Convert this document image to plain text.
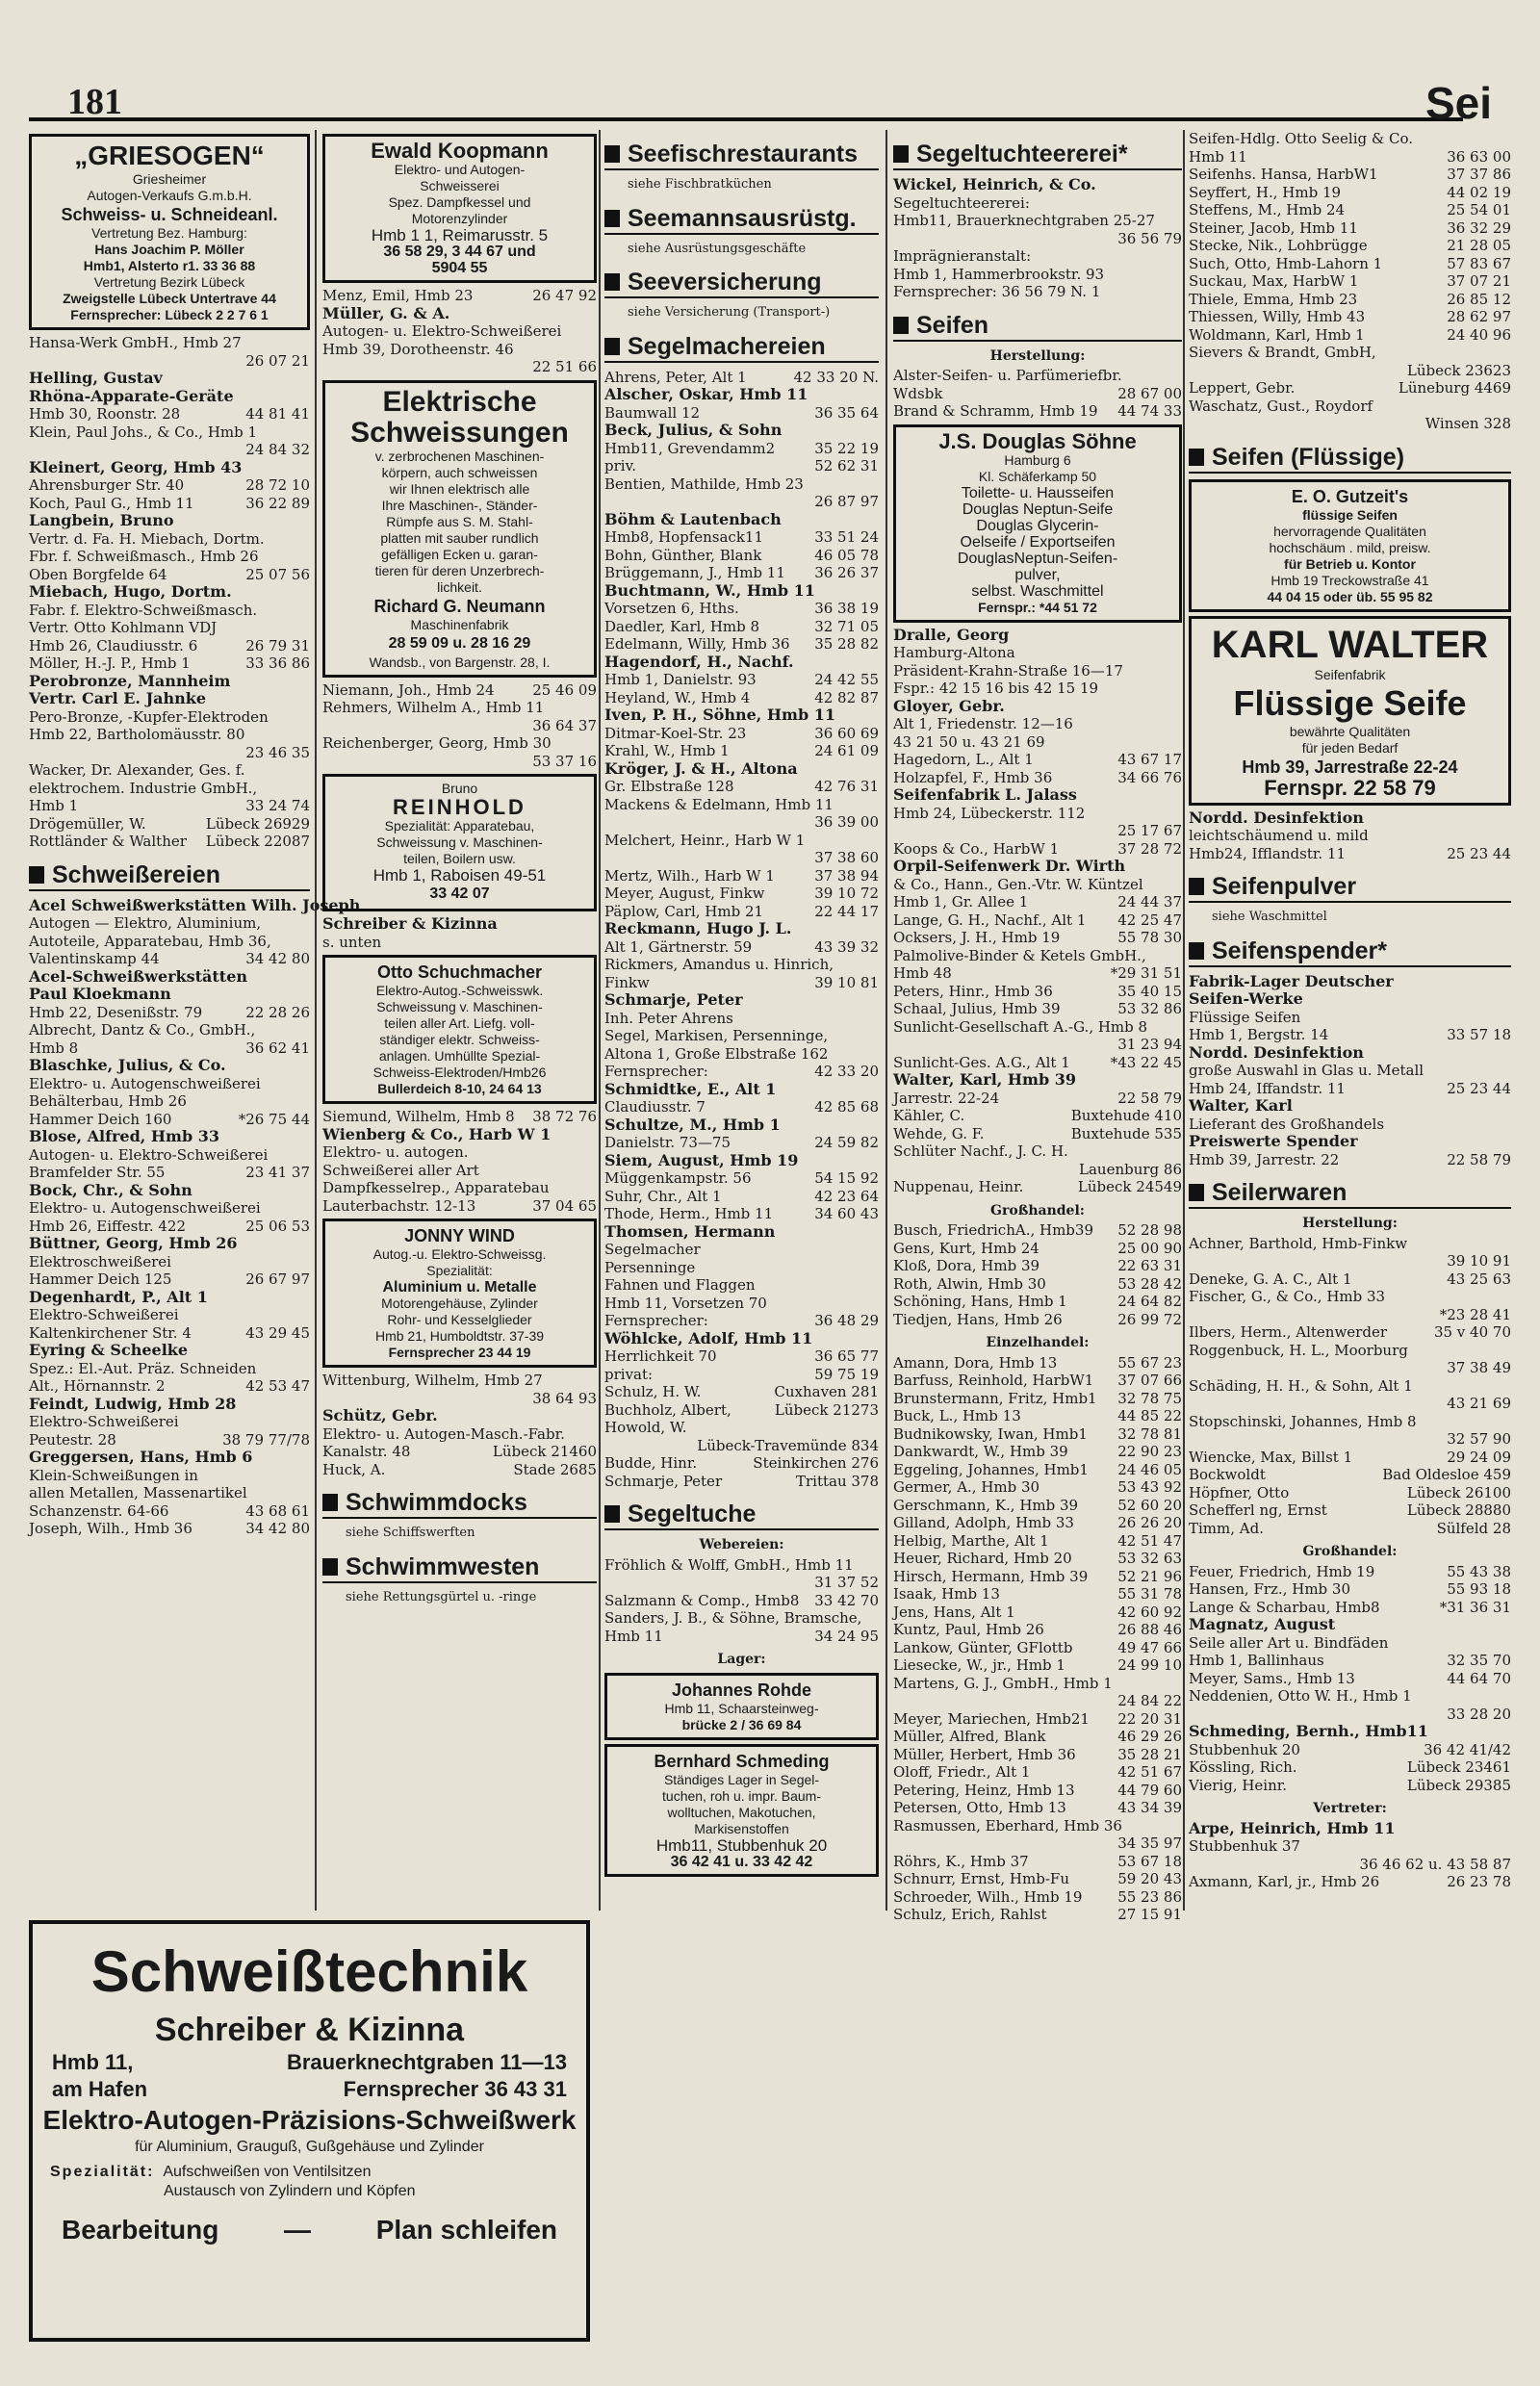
181	Sei
„GRIESOGEN“
Griesheimer
Autogen-Verkaufs G.m.b.H.
Schweiss- u. Schneideanl.
Vertretung Bez. Hamburg:
Hans Joachim P. Möller
Hmb1, Alsterto r1. 33 36 88
Vertretung Bezirk Lübeck
Zweigstelle Lübeck Untertrave 44
Fernsprecher: Lübeck 2 2 7 6 1
Hansa-Werk GmbH., Hmb 27
26 07 21
Helling, Gustav
Rhöna-Apparate-Geräte
Hmb 30, Roonstr. 28	44 81 41
Klein, Paul Johs., & Co., Hmb 1
24 84 32
Kleinert, Georg, Hmb 43
Ahrensburger Str. 40	28 72 10
Koch, Paul G., Hmb 11	36 22 89
Langbein, Bruno
Vertr. d. Fa. H. Miebach, Dortm.
Fbr. f. Schweißmasch., Hmb 26
Oben Borgfelde 64	25 07 56
Miebach, Hugo, Dortm.
Fabr. f. Elektro-Schweißmasch.
Vertr. Otto Kohlmann VDJ
Hmb 26, Claudiusstr. 6	26 79 31
Möller, H.-J. P., Hmb 1	33 36 86
Perobronze, Mannheim
Vertr. Carl E. Jahnke
Pero-Bronze, -Kupfer-Elektroden
Hmb 22, Bartholomäusstr. 80
23 46 35
Wacker, Dr. Alexander, Ges. f.
elektrochem. Industrie GmbH.,
Hmb 1	33 24 74
Drögemüller, W.	Lübeck 26929
Rottländer & Walther Lübeck 22087
Schweißereien
Acel Schweißwerkstätten Wilh. Joseph
Autogen — Elektro, Aluminium,
Autoteile, Apparatebau, Hmb 36,
Valentinskamp 44	34 42 80
Acel-Schweißwerkstätten
Paul Kloekmann
Hmb 22, Desenißstr. 79	22 28 26
Albrecht, Dantz & Co., GmbH.,
Hmb 8	36 62 41
Blaschke, Julius, & Co.
Elektro- u. Autogenschweißerei
Behälterbau, Hmb 26
Hammer Deich 160	*26 75 44
Blose, Alfred, Hmb 33
Autogen- u. Elektro-Schweißerei
Bramfelder Str. 55	23 41 37
Bock, Chr., & Sohn
Elektro- u. Autogenschweißerei
Hmb 26, Eiffestr. 422	25 06 53
Büttner, Georg, Hmb 26
Elektroschweißerei
Hammer Deich 125	26 67 97
Degenhardt, P., Alt 1
Elektro-Schweißerei
Kaltenkirchener Str. 4	43 29 45
Eyring & Scheelke
Spez.: El.-Aut. Präz. Schneiden
Alt., Hörnannstr. 2	42 53 47
Feindt, Ludwig, Hmb 28
Elektro-Schweißerei
Peutestr. 28	38 79 77/78
Greggersen, Hans, Hmb 6
Klein-Schweißungen in
allen Metallen, Massenartikel
Schanzenstr. 64-66	43 68 61
Joseph, Wilh., Hmb 36	34 42 80
Ewald Koopmann
Elektro- und Autogen-
Schweisserei
Spez. Dampfkessel und
Motorenzylinder
Hmb 1 1, Reimarusstr. 5
36 58 29, 3 44 67 und
5904 55
Menz, Emil, Hmb 23	26 47 92
Müller, G. & A.
Autogen- u. Elektro-Schweißerei
Hmb 39, Dorotheenstr. 46
22 51 66
Elektrische
Schweissungen
v. zerbrochenen Maschinen-
körpern, auch schweissen
wir Ihnen elektrisch alle
Ihre Maschinen-, Ständer-
Rümpfe aus S. M. Stahl-
platten mit sauber rundlich
gefälligen Ecken u. garan-
tieren für deren Unzerbrech-
lichkeit.
Richard G. Neumann
Maschinenfabrik
28 59 09 u. 28 16 29
Wandsb., von Bargenstr. 28, I.
Niemann, Joh., Hmb 24	25 46 09
Rehmers, Wilhelm A., Hmb 11
36 64 37
Reichenberger, Georg, Hmb 30
53 37 16
Bruno
REINHOLD
Spezialität: Apparatebau,
Schweissung v. Maschinen-
teilen, Boilern usw.
Hmb 1, Raboisen 49-51
33 42 07
Schreiber & Kizinna
s. unten
Otto Schuchmacher
Elektro-Autog.-Schweisswk.
Schweissung v. Maschinen-
teilen aller Art. Liefg. voll-
ständiger elektr. Schweiss-
anlagen. Umhüllte Spezial-
Schweiss-Elektroden/Hmb26
Bullerdeich 8-10, 24 64 13
Siemund, Wilhelm, Hmb 8 38 72 76
Wienberg & Co., Harb W 1
Elektro- u. autogen.
Schweißerei aller Art
Dampfkesselrep., Apparatebau
Lauterbachstr. 12-13	37 04 65
JONNY WIND
Autog.-u. Elektro-Schweissg.
Spezialität:
Aluminium u. Metalle
Motorengehäuse, Zylinder
Rohr- und Kesselglieder
Hmb 21, Humboldtstr. 37-39
Fernsprecher 23 44 19
Wittenburg, Wilhelm, Hmb 27
38 64 93
Schütz, Gebr.
Elektro- u. Autogen-Masch.-Fabr.
Kanalstr. 48	Lübeck 21460
Huck, A.	Stade 2685
Schwimmdocks
siehe Schiffswerften
Schwimmwesten
siehe Rettungsgürtel u. -ringe
Seefischrestaurants
siehe Fischbratküchen
Seemannsausrüstg.
siehe Ausrüstungsgeschäfte
Seeversicherung
siehe Versicherung (Transport-)
Segelmachereien
Ahrens, Peter, Alt 1	42 33 20 N.
Alscher, Oskar, Hmb 11
Baumwall 12	36 35 64
Beck, Julius, & Sohn
Hmb11, Grevendamm2	35 22 19
priv.	52 62 31
Bentien, Mathilde, Hmb 23
26 87 97
Böhm & Lautenbach
Hmb8, Hopfensack11	33 51 24
Bohn, Günther, Blank	46 05 78
Brüggemann, J., Hmb 11 36 26 37
Buchtmann, W., Hmb 11
Vorsetzen 6, Hths.	36 38 19
Daedler, Karl, Hmb 8	32 71 05
Edelmann, Willy, Hmb 36 35 28 82
Hagendorf, H., Nachf.
Hmb 1, Danielstr. 93	24 42 55
Heyland, W., Hmb 4	42 82 87
Iven, P. H., Söhne, Hmb 11
Ditmar-Koel-Str. 23	36 60 69
Krahl, W., Hmb 1	24 61 09
Kröger, J. & H., Altona
Gr. Elbstraße 128	42 76 31
Mackens & Edelmann, Hmb 11
36 39 00
Melchert, Heinr., Harb W 1
37 38 60
Mertz, Wilh., Harb W 1	37 38 94
Meyer, August, Finkw	39 10 72
Päplow, Carl, Hmb 21	22 44 17
Reckmann, Hugo J. L.
Alt 1, Gärtnerstr. 59	43 39 32
Rickmers, Amandus u. Hinrich,
Finkw	39 10 81
Schmarje, Peter
Inh. Peter Ahrens
Segel, Markisen, Persenninge,
Altona 1, Große Elbstraße 162
Fernsprecher:	42 33 20
Schmidtke, E., Alt 1
Claudiusstr. 7	42 85 68
Schultze, M., Hmb 1
Danielstr. 73—75	24 59 82
Siem, August, Hmb 19
Müggenkampstr. 56	54 15 92
Suhr, Chr., Alt 1	42 23 64
Thode, Herm., Hmb 11	34 60 43
Thomsen, Hermann
Segelmacher
Persenninge
Fahnen und Flaggen
Hmb 11, Vorsetzen 70
Fernsprecher:	36 48 29
Wöhlcke, Adolf, Hmb 11
Herrlichkeit 70	36 65 77
privat:	59 75 19
Schulz, H. W.	Cuxhaven 281
Buchholz, Albert,	Lübeck 21273
Howold, W.
Lübeck-Travemünde 834
Budde, Hinr.	Steinkirchen 276
Schmarje, Peter	Trittau 378
Segeltuche
Webereien:
Fröhlich & Wolff, GmbH., Hmb 11
31 37 52
Salzmann & Comp., Hmb8 33 42 70
Sanders, J. B., & Söhne, Bramsche,
Hmb 11	34 24 95
Lager:
Johannes Rohde
Hmb 11, Schaarsteinweg-
brücke 2 / 36 69 84
Bernhard Schmeding
Ständiges Lager in Segel-
tuchen, roh u. impr. Baum-
wolltuchen, Makotuchen,
Markisenstoffen
Hmb11, Stubbenhuk 20
36 42 41 u. 33 42 42
Segeltuchteererei*
Wickel, Heinrich, & Co.
Segeltuchteererei:
Hmb11, Brauerknechtgraben 25-27
36 56 79
Imprägnieranstalt:
Hmb 1, Hammerbrookstr. 93
Fernsprecher: 36 56 79 N. 1
Seifen
Herstellung:
Alster-Seifen- u. Parfümeriefbr.
Wdsbk	28 67 00
Brand & Schramm, Hmb 19 44 74 33
J.S. Douglas Söhne
Hamburg 6
Kl. Schäferkamp 50
Toilette- u. Hausseifen
Douglas Neptun-Seife
Douglas Glycerin-
Oelseife / Exportseifen
DouglasNeptun-Seifen-
pulver,
selbst. Waschmittel
Fernspr.: *44 51 72
Dralle, Georg
Hamburg-Altona
Präsident-Krahn-Straße 16—17
Fspr.: 42 15 16 bis 42 15 19
Gloyer, Gebr.
Alt 1, Friedenstr. 12—16
43 21 50 u. 43 21 69
Hagedorn, L., Alt 1	43 67 17
Holzapfel, F., Hmb 36	34 66 76
Seifenfabrik L. Jalass
Hmb 24, Lübeckerstr. 112
25 17 67
Koops & Co., HarbW 1	37 28 72
Orpil-Seifenwerk Dr. Wirth
& Co., Hann., Gen.-Vtr. W. Küntzel
Hmb 1, Gr. Allee 1	24 44 37
Lange, G. H., Nachf., Alt 1 42 25 47
Ocksers, J. H., Hmb 19	55 78 30
Palmolive-Binder & Ketels GmbH.,
Hmb 48	*29 31 51
Peters, Hinr., Hmb 36	35 40 15
Schaal, Julius, Hmb 39	53 32 86
Sunlicht-Gesellschaft A.-G., Hmb 8
31 23 94
Sunlicht-Ges. A.G., Alt 1	*43 22 45
Walter, Karl, Hmb 39
Jarrestr. 22-24	22 58 79
Kähler, C.	Buxtehude 410
Wehde, G. F.	Buxtehude 535
Schlüter Nachf., J. C. H.
Lauenburg 86
Nuppenau, Heinr.	Lübeck 24549
Großhandel:
Busch, FriedrichA., Hmb39 52 28 98
Gens, Kurt, Hmb 24	25 00 90
Kloß, Dora, Hmb 39	22 63 31
Roth, Alwin, Hmb 30	53 28 42
Schöning, Hans, Hmb 1	24 64 82
Tiedjen, Hans, Hmb 26	26 99 72
Einzelhandel:
Amann, Dora, Hmb 13	55 67 23
Barfuss, Reinhold, HarbW1 37 07 66
Brunstermann, Fritz, Hmb1 32 78 75
Buck, L., Hmb 13	44 85 22
Budnikowsky, Iwan, Hmb1 32 78 81
Dankwardt, W., Hmb 39	22 90 23
Eggeling, Johannes, Hmb1 24 46 05
Germer, A., Hmb 30	53 43 92
Gerschmann, K., Hmb 39	52 60 20
Gilland, Adolph, Hmb 33	26 26 20
Helbig, Marthe, Alt 1	42 51 47
Heuer, Richard, Hmb 20	53 32 63
Hirsch, Hermann, Hmb 39 52 21 96
Isaak, Hmb 13	55 31 78
Jens, Hans, Alt 1	42 60 92
Kuntz, Paul, Hmb 26	26 88 46
Lankow, Günter, GFlottb	49 47 66
Liesecke, W., jr., Hmb 1	24 99 10
Martens, G. J., GmbH., Hmb 1
24 84 22
Meyer, Mariechen, Hmb21 22 20 31
Müller, Alfred, Blank	46 29 26
Müller, Herbert, Hmb 36	35 28 21
Oloff, Friedr., Alt 1	42 51 67
Petering, Heinz, Hmb 13	44 79 60
Petersen, Otto, Hmb 13	43 34 39
Rasmussen, Eberhard, Hmb 36
34 35 97
Röhrs, K., Hmb 37	53 67 18
Schnurr, Ernst, Hmb-Fu	59 20 43
Schroeder, Wilh., Hmb 19 55 23 86
Schulz, Erich, Rahlst	27 15 91
Seifen-Hdlg. Otto Seelig & Co.
Hmb 11	36 63 00
Seifenhs. Hansa, HarbW1	37 37 86
Seyffert, H., Hmb 19	44 02 19
Steffens, M., Hmb 24	25 54 01
Steiner, Jacob, Hmb 11	36 32 29
Stecke, Nik., Lohbrügge	21 28 05
Such, Otto, Hmb-Lahorn 1	57 83 67
Suckau, Max, HarbW 1	37 07 21
Thiele, Emma, Hmb 23	26 85 12
Thiessen, Willy, Hmb 43	28 62 97
Woldmann, Karl, Hmb 1	24 40 96
Sievers & Brandt, GmbH,
Lübeck 23623
Leppert, Gebr.	Lüneburg 4469
Waschatz, Gust., Roydorf
Winsen 328
Seifen (Flüssige)
E. O. Gutzeit's
flüssige Seifen
hervorragende Qualitäten
hochschäum . mild, preisw.
für Betrieb u. Kontor
Hmb 19 Treckowstraße 41
44 04 15 oder üb. 55 95 82
KARL WALTER
Seifenfabrik
Flüssige Seife
bewährte Qualitäten
für jeden Bedarf
Hmb 39, Jarrestraße 22-24
Fernspr. 22 58 79
Nordd. Desinfektion
leichtschäumend u. mild
Hmb24, Ifflandstr. 11	25 23 44
Seifenpulver
siehe Waschmittel
Seifenspender*
Fabrik-Lager Deutscher
Seifen-Werke
Flüssige Seifen
Hmb 1, Bergstr. 14	33 57 18
Nordd. Desinfektion
große Auswahl in Glas u. Metall
Hmb 24, Iffandstr. 11	25 23 44
Walter, Karl
Lieferant des Großhandels
Preiswerte Spender
Hmb 39, Jarrestr. 22	22 58 79
Seilerwaren
Herstellung:
Achner, Barthold, Hmb-Finkw
39 10 91
Deneke, G. A. C., Alt 1	43 25 63
Fischer, G., & Co., Hmb 33
*23 28 41
Ilbers, Herm., Altenwerder	35 v 40 70
Roggenbuck, H. L., Moorburg
37 38 49
Schäding, H. H., & Sohn, Alt 1
43 21 69
Stopschinski, Johannes, Hmb 8
32 57 90
Wiencke, Max, Billst 1	29 24 09
Bockwoldt	Bad Oldesloe 459
Höpfner, Otto	Lübeck 26100
Schefferl ng, Ernst	Lübeck 28880
Timm, Ad.	Sülfeld 28
Großhandel:
Feuer, Friedrich, Hmb 19	55 43 38
Hansen, Frz., Hmb 30	55 93 18
Lange & Scharbau, Hmb8	*31 36 31
Magnatz, August
Seile aller Art u. Bindfäden
Hmb 1, Ballinhaus	32 35 70
Meyer, Sams., Hmb 13	44 64 70
Neddenien, Otto W. H., Hmb 1
33 28 20
Schmeding, Bernh., Hmb11
Stubbenhuk 20	36 42 41/42
Kössling, Rich.	Lübeck 23461
Vierig, Heinr.	Lübeck 29385
Vertreter:
Arpe, Heinrich, Hmb 11
Stubbenhuk 37
36 46 62 u. 43 58 87
Axmann, Karl, jr., Hmb 26	26 23 78
Schweißtechnik
Schreiber & Kizinna
Hmb 11,	Brauerknechtgraben 11—13
am Hafen	Fernsprecher 36 43 31
Elektro-Autogen-Präzisions-Schweißwerk
für Aluminium, Grauguß, Gußgehäuse und Zylinder
Spezialität: Aufschweißen von Ventilsitzen
Austausch von Zylindern und Köpfen
Bearbeitung — Plan schleifen
